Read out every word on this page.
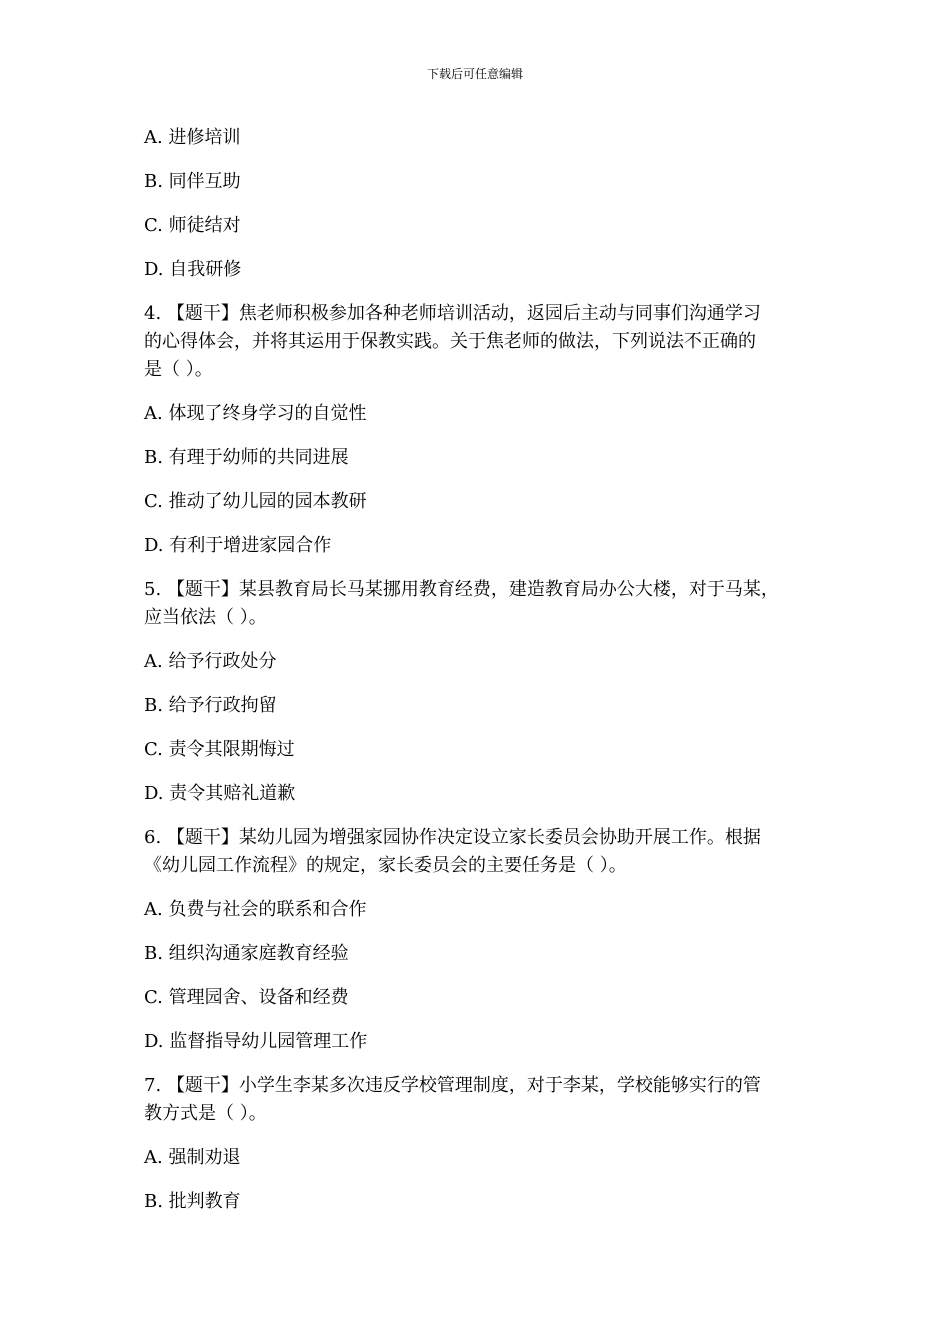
下载后可任意编辑

A. 进修培训

B. 同伴互助

C. 师徒结对

D. 自我研修

4. 【题干】焦老师积极参加各种老师培训活动，返园后主动与同事们沟通学习

的心得体会，并将其运用于保教实践。关于焦老师的做法，下列说法不正确的

是（ ）。

A. 体现了终身学习的自觉性

B. 有理于幼师的共同进展

C. 推动了幼儿园的园本教研

D. 有利于增进家园合作

5. 【题干】某县教育局长马某挪用教育经费，建造教育局办公大楼，对于马某，

应当依法（ ）。

A. 给予行政处分

B. 给予行政拘留

C. 责令其限期悔过

D. 责令其赔礼道歉

6. 【题干】某幼儿园为增强家园协作决定设立家长委员会协助开展工作。根据

《幼儿园工作流程》的规定，家长委员会的主要任务是（ ）。

A. 负费与社会的联系和合作

B. 组织沟通家庭教育经验

C. 管理园舍、设备和经费

D. 监督指导幼儿园管理工作

7. 【题干】小学生李某多次违反学校管理制度，对于李某，学校能够实行的管

教方式是（ ）。

A. 强制劝退

B. 批判教育
